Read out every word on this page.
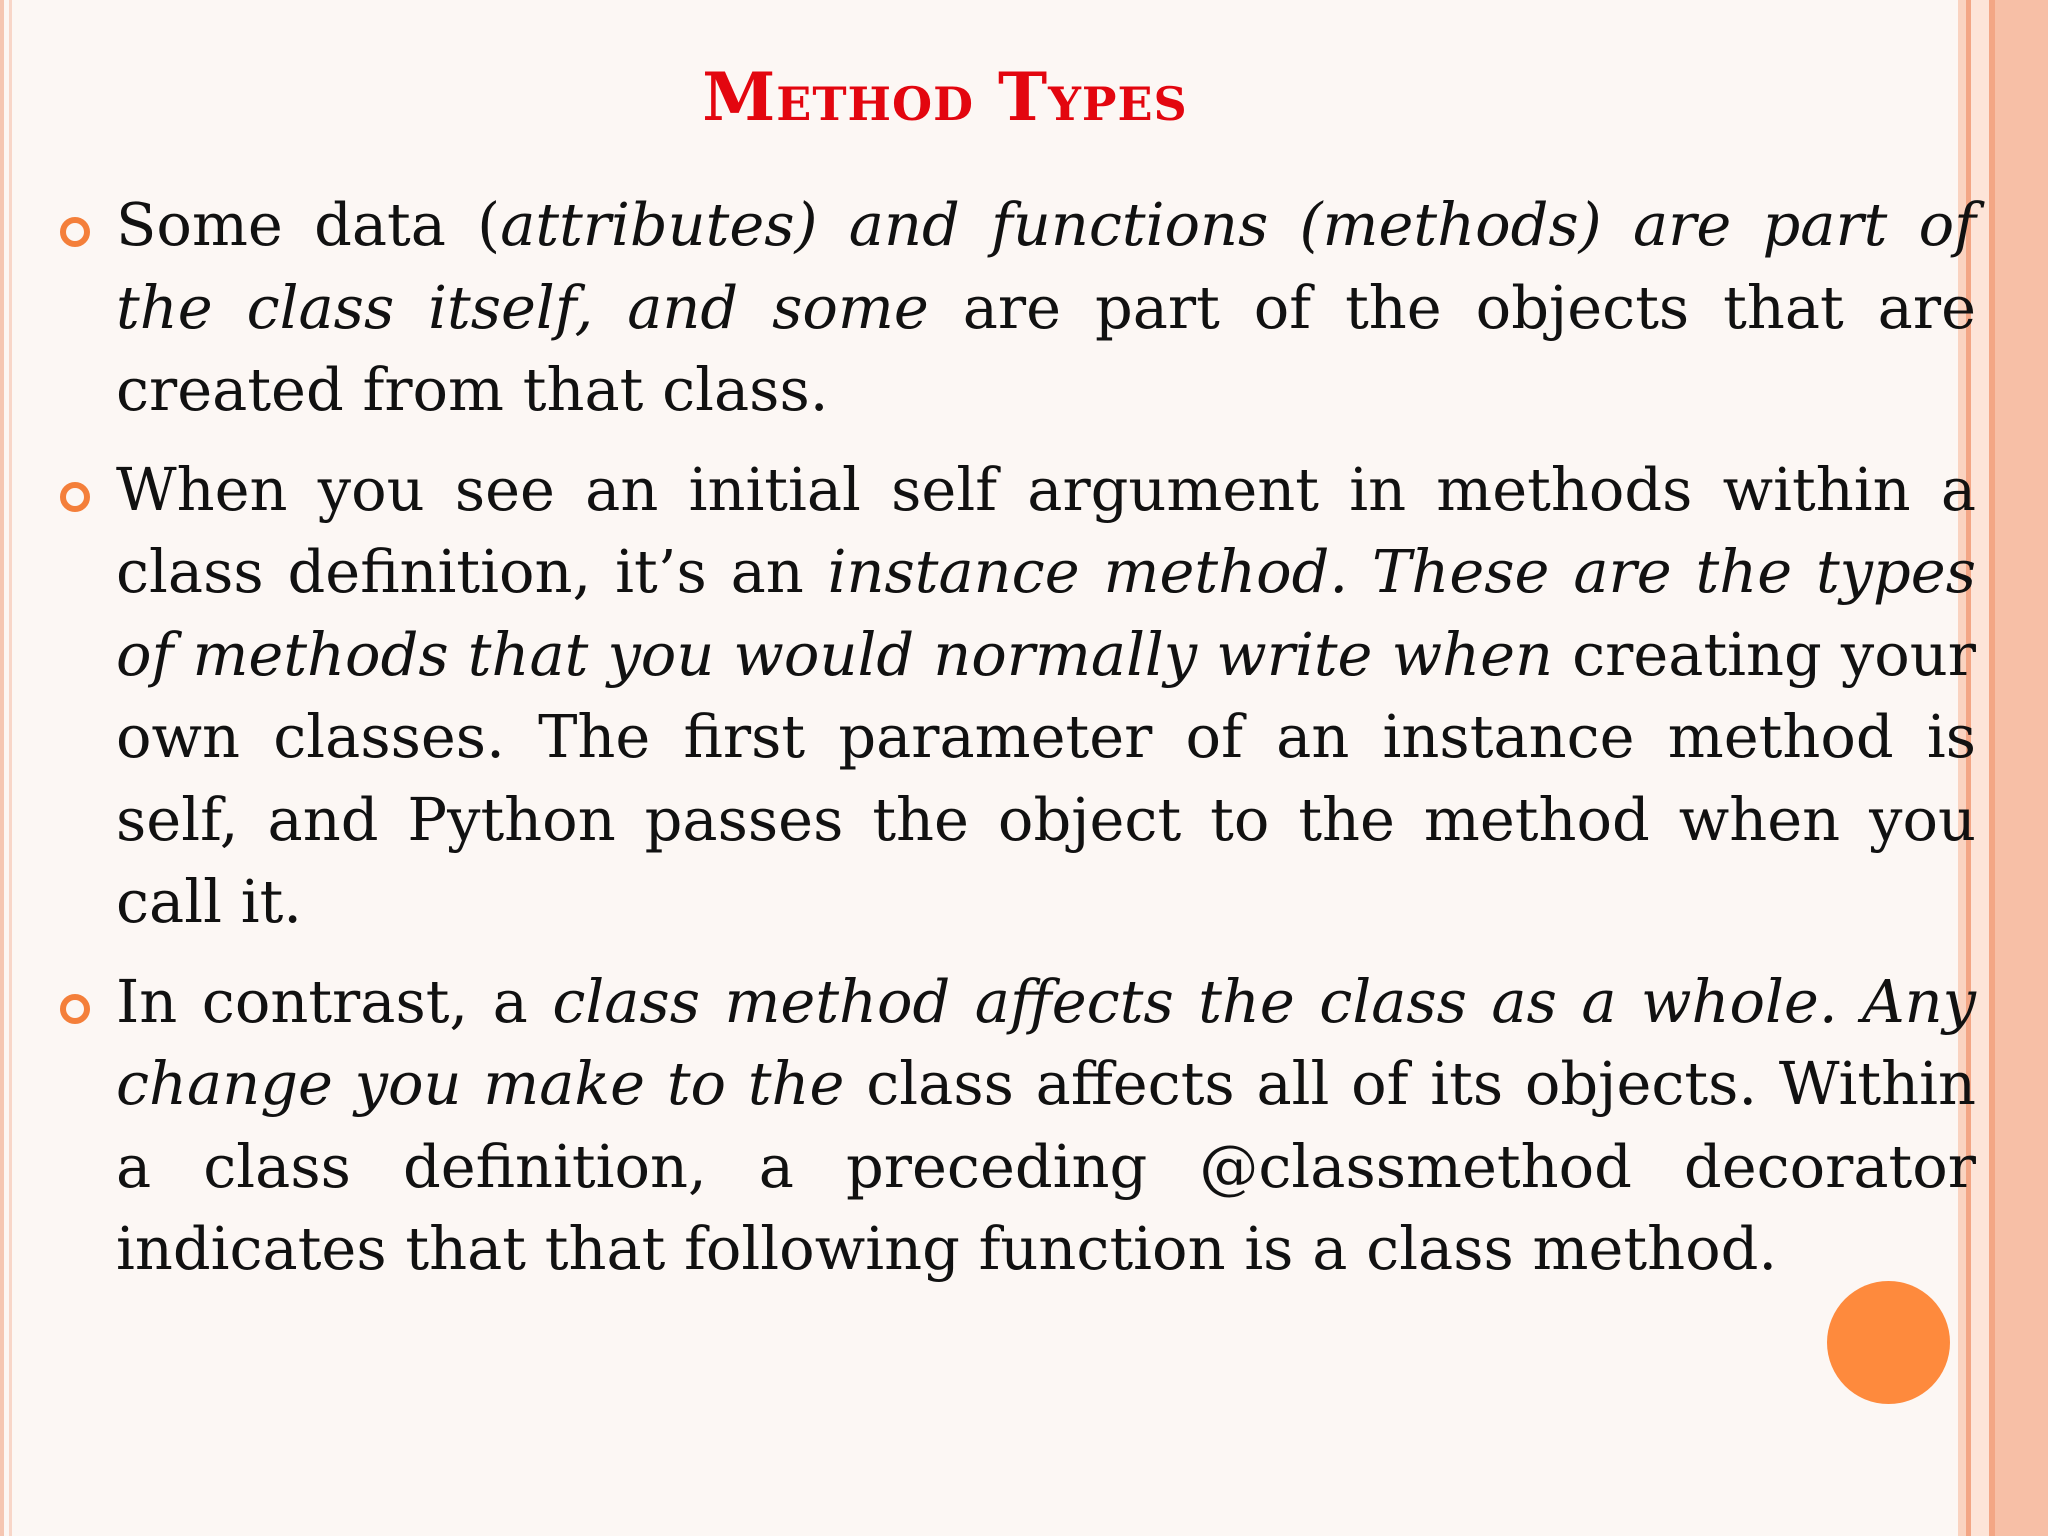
Method Types
Some data (attributes) and functions (methods) are part of the class itself, and some are part of the objects that are created from that class.
When you see an initial self argument in methods within a class definition, it’s an instance method. These are the types of methods that you would normally write when creating your own classes. The first parameter of an instance method is self, and Python passes the object to the method when you call it.
In contrast, a class method affects the class as a whole. Any change you make to the class affects all of its objects. Within a class definition, a preceding @classmethod decorator indicates that that following function is a class method.
